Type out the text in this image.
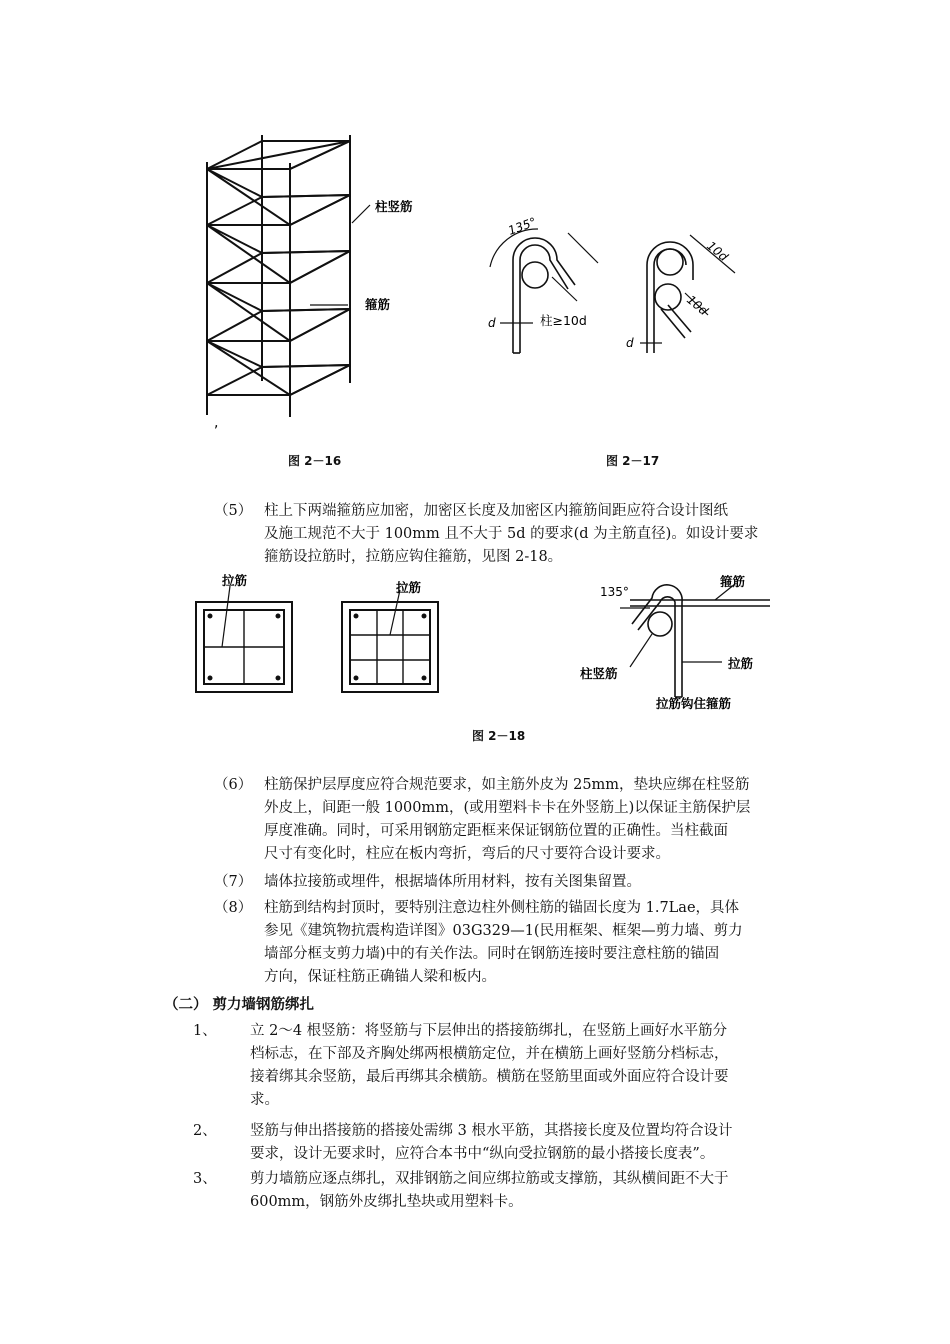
柱竖筋
箍筋
,
图 2－16
135°
d	柱≥10d
10d
10d
d
图 2－17
（5） 柱上下两端箍筋应加密，加密区长度及加密区内箍筋间距应符合设计图纸
及施工规范不大于 100mm 且不大于 5d 的要求(d 为主筋直径)。如设计要求
箍筋设拉筋时，拉筋应钩住箍筋，见图 2-18。
拉筋	拉筋	135°
箍筋
柱竖筋
拉筋
拉筋钩住箍筋
图 2－18
（6） 柱筋保护层厚度应符合规范要求，如主筋外皮为 25mm，垫块应绑在柱竖筋
外皮上，间距一般 1000mm，(或用塑料卡卡在外竖筋上)以保证主筋保护层
厚度准确。同时，可采用钢筋定距框来保证钢筋位置的正确性。当柱截面
尺寸有变化时，柱应在板内弯折，弯后的尺寸要符合设计要求。
（7） 墙体拉接筋或埋件，根据墙体所用材料，按有关图集留置。
（8） 柱筋到结构封顶时，要特别注意边柱外侧柱筋的锚固长度为 1.7Lae，具体
参见《建筑物抗震构造详图》03G329—1(民用框架、框架—剪力墙、剪力
墙部分框支剪力墙)中的有关作法。同时在钢筋连接时要注意柱筋的锚固
方向，保证柱筋正确锚人梁和板内。
（二） 剪力墙钢筋绑扎
1、 立 2～4 根竖筋：将竖筋与下层伸出的搭接筋绑扎，在竖筋上画好水平筋分
档标志，在下部及齐胸处绑两根横筋定位，并在横筋上画好竖筋分档标志，
接着绑其余竖筋，最后再绑其余横筋。横筋在竖筋里面或外面应符合设计要
求。
2、 竖筋与伸出搭接筋的搭接处需绑 3 根水平筋，其搭接长度及位置均符合设计
要求，设计无要求时，应符合本书中“纵向受拉钢筋的最小搭接长度表”。
3、 剪力墙筋应逐点绑扎，双排钢筋之间应绑拉筋或支撑筋，其纵横间距不大于
600mm，钢筋外皮绑扎垫块或用塑料卡。
